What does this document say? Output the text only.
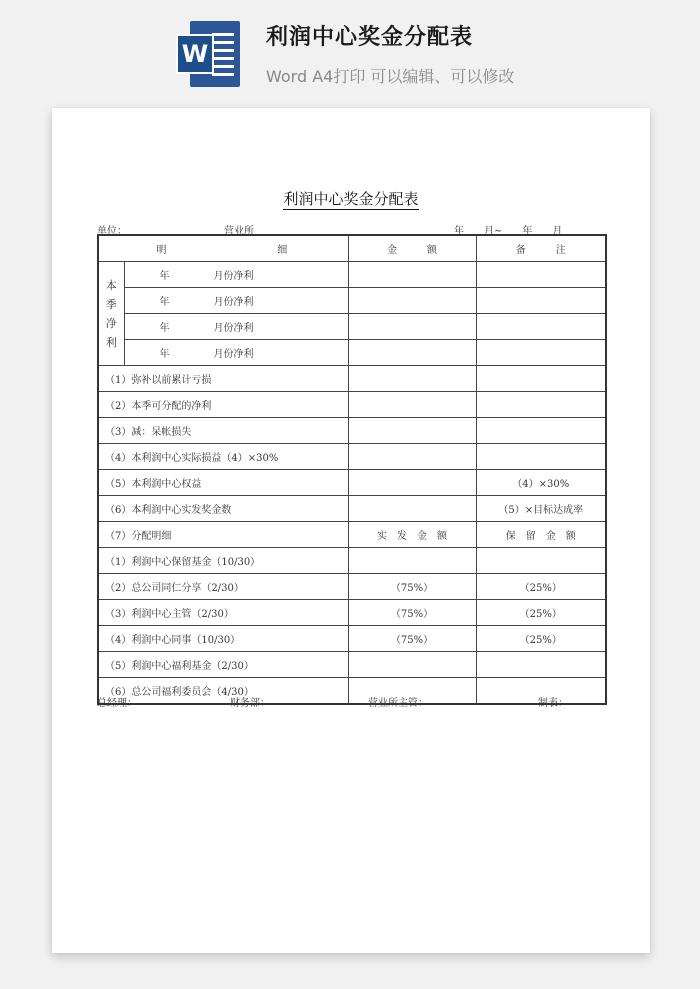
W
利润中心奖金分配表
Word A4打印 可以编辑、可以修改
利润中心奖金分配表
单位：	营业所	年　　月~　　年　　月
明 细		金　　　额	备　　　注
本
季
净
利	年 月份净利		
	年 月份净利		
	年 月份净利		
	年 月份净利		
（1）弥补以前累计亏损			
（2）本季可分配的净利			
（3）减：呆帐损失			
（4）本利润中心实际损益（4）×30%			
（5）本利润中心权益			（4）×30%
（6）本利润中心实发奖金数			（5）×目标达成率
（7）分配明细		实　发　金　额	保　留　金　额
（1）利润中心保留基金（10/30）			
（2）总公司同仁分享（2/30）		（75%）	（25%）
（3）利润中心主管（2/30）		（75%）	（25%）
（4）利润中心同事（10/30）		（75%）	（25%）
（5）利润中心福利基金（2/30）			
（6）总公司福利委员会（4/30）			
总经理：	财务部：	营业所主管：	制表：
